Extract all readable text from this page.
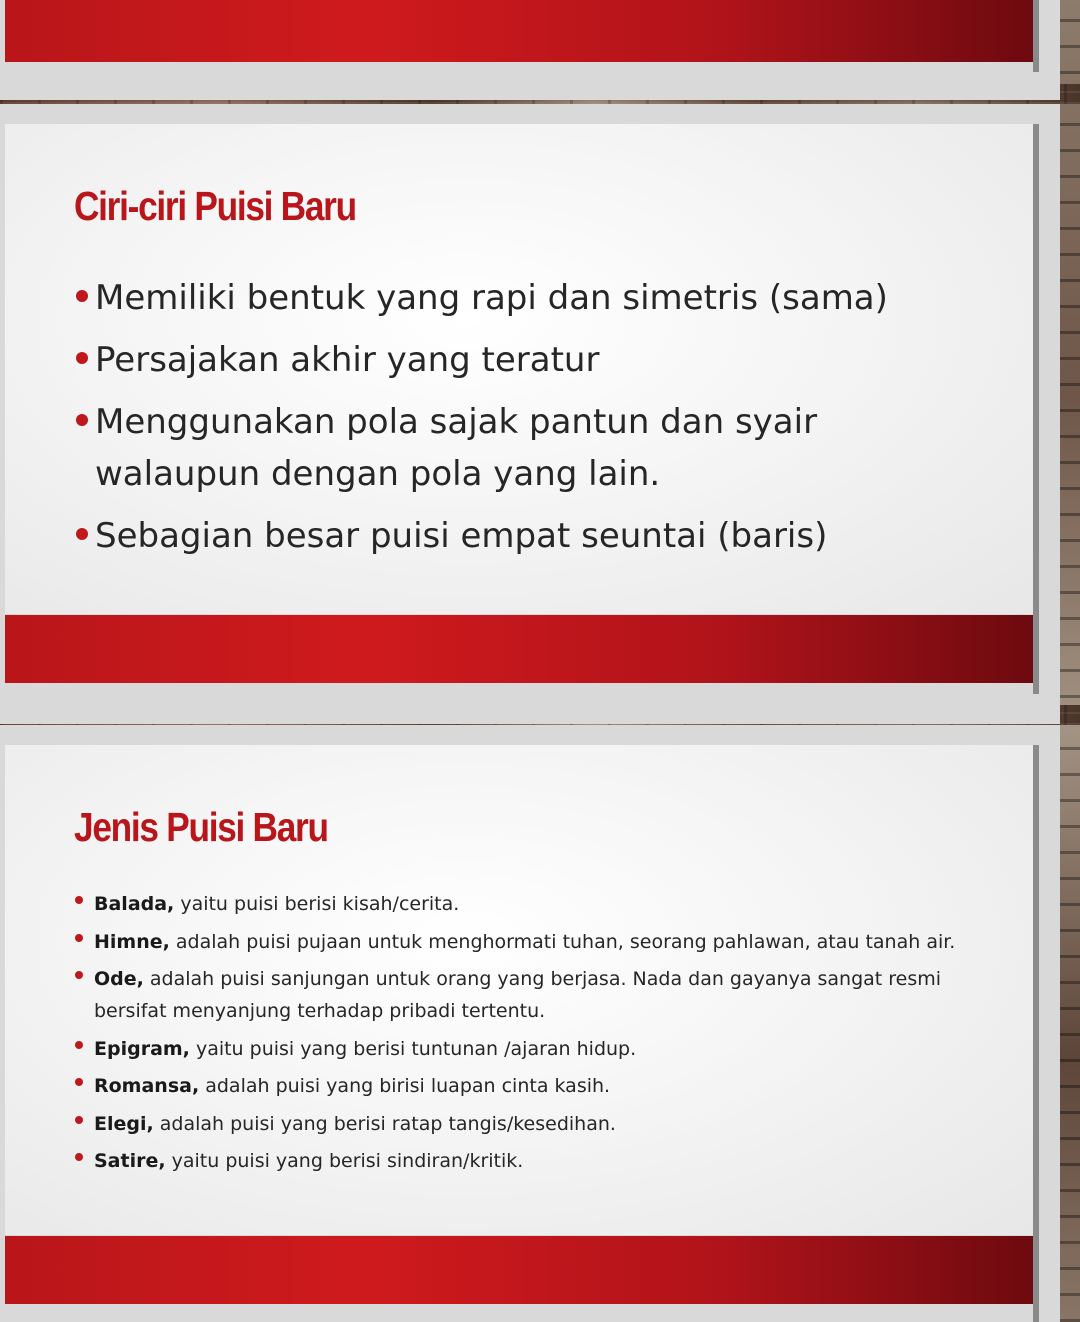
Ciri-ciri Puisi Baru
Memiliki bentuk yang rapi dan simetris (sama)
Persajakan akhir yang teratur
Menggunakan pola sajak pantun dan syair walaupun dengan pola yang lain.
Sebagian besar puisi empat seuntai (baris)
Jenis Puisi Baru
Balada, yaitu puisi berisi kisah/cerita.
Himne, adalah puisi pujaan untuk menghormati tuhan, seorang pahlawan, atau tanah air.
Ode, adalah puisi sanjungan untuk orang yang berjasa. Nada dan gayanya sangat resmi bersifat menyanjung terhadap pribadi tertentu.
Epigram, yaitu puisi yang berisi tuntunan /ajaran hidup.
Romansa, adalah puisi yang birisi luapan cinta kasih.
Elegi, adalah puisi yang berisi ratap tangis/kesedihan.
Satire, yaitu puisi yang berisi sindiran/kritik.
